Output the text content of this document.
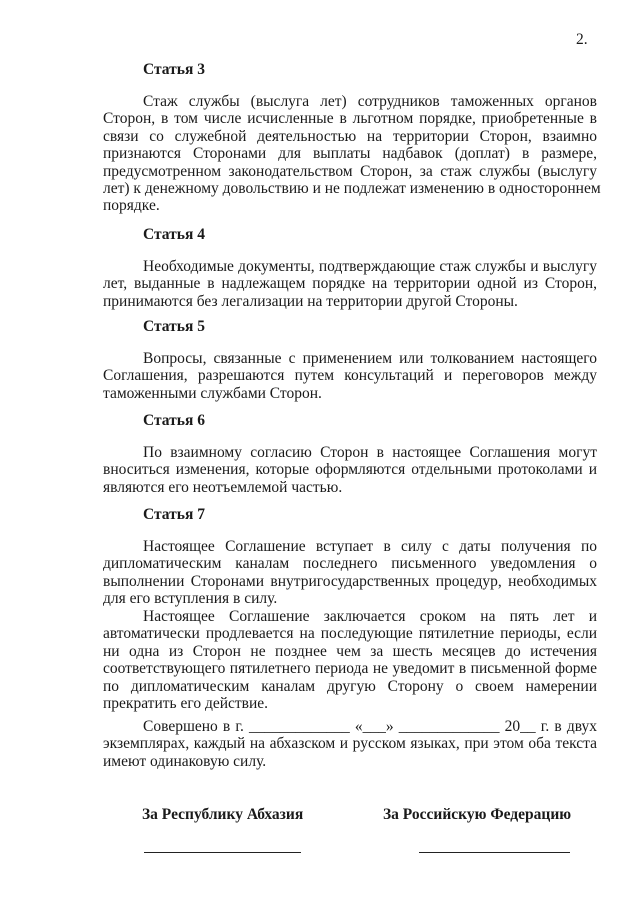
2.
Статья 3
Стаж службы (выслуга лет) сотрудников таможенных органов
Сторон, в том числе исчисленные в льготном порядке, приобретенные в
связи со служебной деятельностью на территории Сторон, взаимно
признаются Сторонами для выплаты надбавок (доплат) в размере,
предусмотренном законодательством Сторон, за стаж службы (выслугу
лет) к денежному довольствию и не подлежат изменению в одностороннем
порядке.
Статья 4
Необходимые документы, подтверждающие стаж службы и выслугу
лет, выданные в надлежащем порядке на территории одной из Сторон,
принимаются без легализации на территории другой Стороны.
Статья 5
Вопросы, связанные с применением или толкованием настоящего
Соглашения, разрешаются путем консультаций и переговоров между
таможенными службами Сторон.
Статья 6
По взаимному согласию Сторон в настоящее Соглашения могут
вноситься изменения, которые оформляются отдельными протоколами и
являются его неотъемлемой частью.
Статья 7
Настоящее Соглашение вступает в силу с даты получения по
дипломатическим каналам последнего письменного уведомления о
выполнении Сторонами внутригосударственных процедур, необходимых
для его вступления в силу.
Настоящее Соглашение заключается сроком на пять лет и
автоматически продлевается на последующие пятилетние периоды, если
ни одна из Сторон не позднее чем за шесть месяцев до истечения
соответствующего пятилетнего периода не уведомит в письменной форме
по дипломатическим каналам другую Сторону о своем намерении
прекратить его действие.
Совершено в г. _____________ «___» _____________ 20__ г. в двух
экземплярах, каждый на абхазском и русском языках, при этом оба текста
имеют одинаковую силу.
За Республику Абхазия	За Российскую Федерацию
